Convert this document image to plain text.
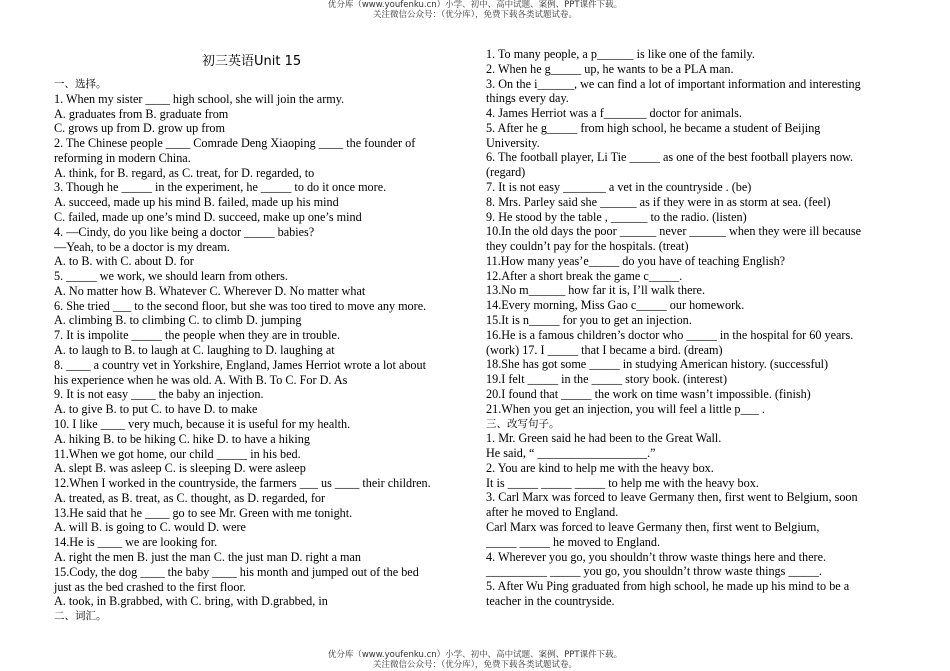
优分库（www.youfenku.cn）小学、初中、高中试题、案例、PPT课件下载。
关注微信公众号：（优分库），免费下载各类试题试卷。
初三英语Unit 15
一、选择。
1. When my sister ____ high school, she will join the army.
A. graduates from B. graduate from
C. grows up from D. grow up from
2. The Chinese people ____ Comrade Deng Xiaoping ____ the founder of
reforming in modern China.
A. think, for B. regard, as C. treat, for D. regarded, to
3. Though he _____ in the experiment, he _____ to do it once more.
A. succeed, made up his mind B. failed, made up his mind
C. failed, made up one’s mind D. succeed, make up one’s mind
4. —Cindy, do you like being a doctor _____ babies?
—Yeah, to be a doctor is my dream.
A. to B. with C. about D. for
5. _____ we work, we should learn from others.
A. No matter how B. Whatever C. Wherever D. No matter what
6. She tried ___ to the second floor, but she was too tired to move any more.
A. climbing B. to climbing C. to climb D. jumping
7. It is impolite _____ the people when they are in trouble.
A. to laugh to B. to laugh at C. laughing to D. laughing at
8. ____ a country vet in Yorkshire, England, James Herriot wrote a lot about
his experience when he was old. A. With B. To C. For D. As
9. It is not easy ____ the baby an injection.
A. to give B. to put C. to have D. to make
10. I like ____ very much, because it is useful for my health.
A. hiking B. to be hiking C. hike D. to have a hiking
11.When we got home, our child _____ in his bed.
A. slept B. was asleep C. is sleeping D. were asleep
12.When I worked in the countryside, the farmers ___ us ____ their children.
A. treated, as B. treat, as C. thought, as D. regarded, for
13.He said that he ____ go to see Mr. Green with me tonight.
A. will B. is going to C. would D. were
14.He is ____ we are looking for.
A. right the men B. just the man C. the just man D. right a man
15.Cody, the dog ____ the baby ____ his month and jumped out of the bed
just as the bed crashed to the first floor.
A. took, in B.grabbed, with C. bring, with D.grabbed, in
二、词汇。
1. To many people, a p______ is like one of the family.
2. When he g_____ up, he wants to be a PLA man.
3. On the i______, we can find a lot of important information and interesting
things every day.
4. James Herriot was a f_______ doctor for animals.
5. After he g_____ from high school, he became a student of Beijing
University.
6. The football player, Li Tie _____ as one of the best football players now.
(regard)
7. It is not easy _______ a vet in the countryside . (be)
8. Mrs. Parley said she ______ as if they were in as storm at sea. (feel)
9. He stood by the table , ______ to the radio. (listen)
10.In the old days the poor ______ never ______ when they were ill because
they couldn’t pay for the hospitals. (treat)
11.How many yeas’e_____ do you have of teaching English?
12.After a short break the game c_____.
13.No m______ how far it is, I’ll walk there.
14.Every morning, Miss Gao c_____ our homework.
15.It is n_____ for you to get an injection.
16.He is a famous children’s doctor who _____ in the hospital for 60 years.
(work) 17. I _____ that I became a bird. (dream)
18.She has got some _____ in studying American history. (successful)
19.I felt _____ in the _____ story book. (interest)
20.I found that _____ the work on time wasn’t impossible. (finish)
21.When you get an injection, you will feel a little p___ .
三、改写句子。
1. Mr. Green said he had been to the Great Wall.
He said, “ __________________.”
2. You are kind to help me with the heavy box.
It is _____ _____ _____ to help me with the heavy box.
3. Carl Marx was forced to leave Germany then, first went to Belgium, soon
after he moved to England.
Carl Marx was forced to leave Germany then, first went to Belgium,
_____ _____ he moved to England.
4. Wherever you go, you shouldn’t throw waste things here and there.
__________ _____ you go, you shouldn’t throw waste things _____.
5. After Wu Ping graduated from high school, he made up his mind to be a
teacher in the countryside.
优分库（www.youfenku.cn）小学、初中、高中试题、案例、PPT课件下载。
关注微信公众号：（优分库），免费下载各类试题试卷。
